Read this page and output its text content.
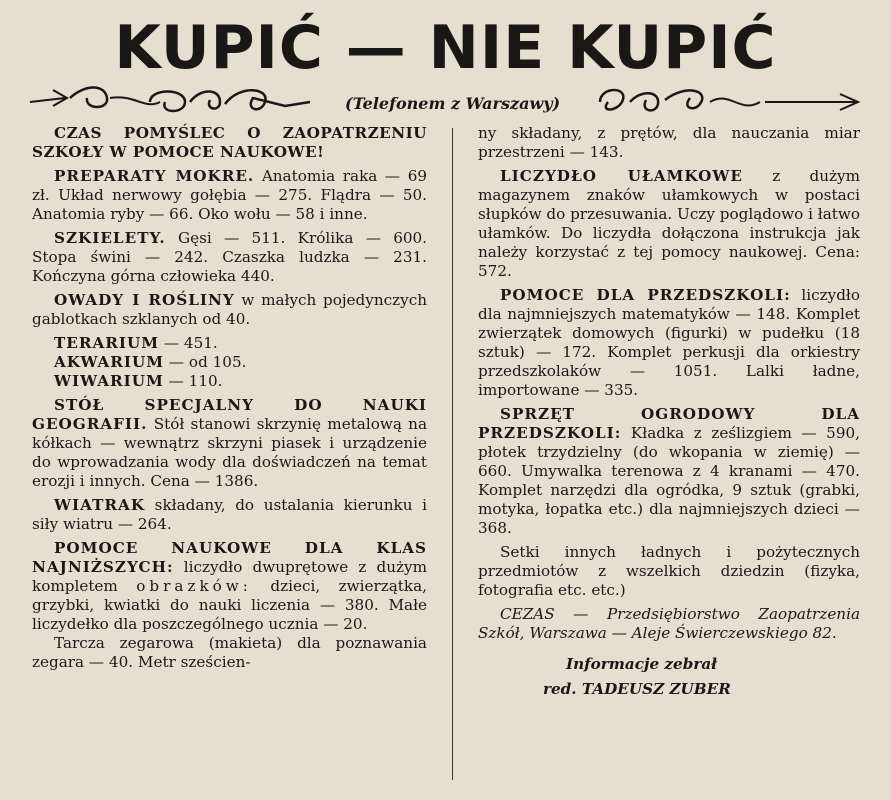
KUPIĆ — NIE KUPIĆ
(Telefonem z Warszawy)

CZAS POMYŚLEC O ZAOPATRZENIU SZKOŁY W POMOCE NAUKOWE!

PREPARATY MOKRE. Anatomia raka — 69 zł. Układ nerwowy gołębia — 275. Flądra — 50. Anatomia ryby — 66. Oko wołu — 58 i inne.

SZKIELETY. Gęsi — 511. Królika — 600. Stopa świni — 242. Czaszka ludzka — 231. Kończyna górna człowieka 440.

OWADY I ROŚLINY w małych pojedynczych gablotkach szklanych od 40.

TERARIUM — 451.
AKWARIUM — od 105.

WIWARIUM — 110.

STÓŁ SPECJALNY DO NAUKI GEOGRAFII. Stół stanowi skrzynię metalową na kółkach — wewnątrz skrzyni piasek i urządzenie do wprowadzania wody dla doświadczeń na temat erozji i innych. Cena — 1386.

WIATRAK składany, do ustalania kierunku i siły wiatru — 264.

POMOCE NAUKOWE DLA KLAS NAJNIŻSZYCH: liczydło dwuprętowe z dużym kompletem obrazków: dzieci, zwierzątka, grzybki, kwiatki do nauki liczenia — 380. Małe liczydełko dla poszczególnego ucznia — 20.

Tarcza zegarowa (makieta) dla poznawania zegara — 40. Metr sześcien-

ny składany, z prętów, dla nauczania miar przestrzeni — 143.

LICZYDŁO UŁAMKOWE z dużym magazynem znaków ułamkowych w postaci słupków do przesuwania. Uczy poglądowo i łatwo ułamków. Do liczydła dołączona instrukcja jak należy korzystać z tej pomocy naukowej. Cena: 572.

POMOCE DLA PRZEDSZKOLI: liczydło dla najmniejszych matematyków — 148. Komplet zwierzątek domowych (figurki) w pudełku (18 sztuk) — 172. Komplet perkusji dla orkiestry przedszkolaków — 1051. Lalki ładne, importowane — 335.

SPRZĘT OGRODOWY DLA PRZEDSZKOLI: Kładka z ześlizgiem — 590, płotek trzydzielny (do wkopania w ziemię) — 660. Umywalka terenowa z 4 kranami — 470. Komplet narzędzi dla ogródka, 9 sztuk (grabki, motyka, łopatka etc.) dla najmniejszych dzieci — 368.

Setki innych ładnych i pożytecznych przedmiotów z wszelkich dziedzin (fizyka, fotografia etc. etc.)

CEZAS — Przedsiębiorstwo Zaopatrzenia Szkół, Warszawa — Aleje Świerczewskiego 82.

Informacje zebrał
red. TADEUSZ ZUBER
